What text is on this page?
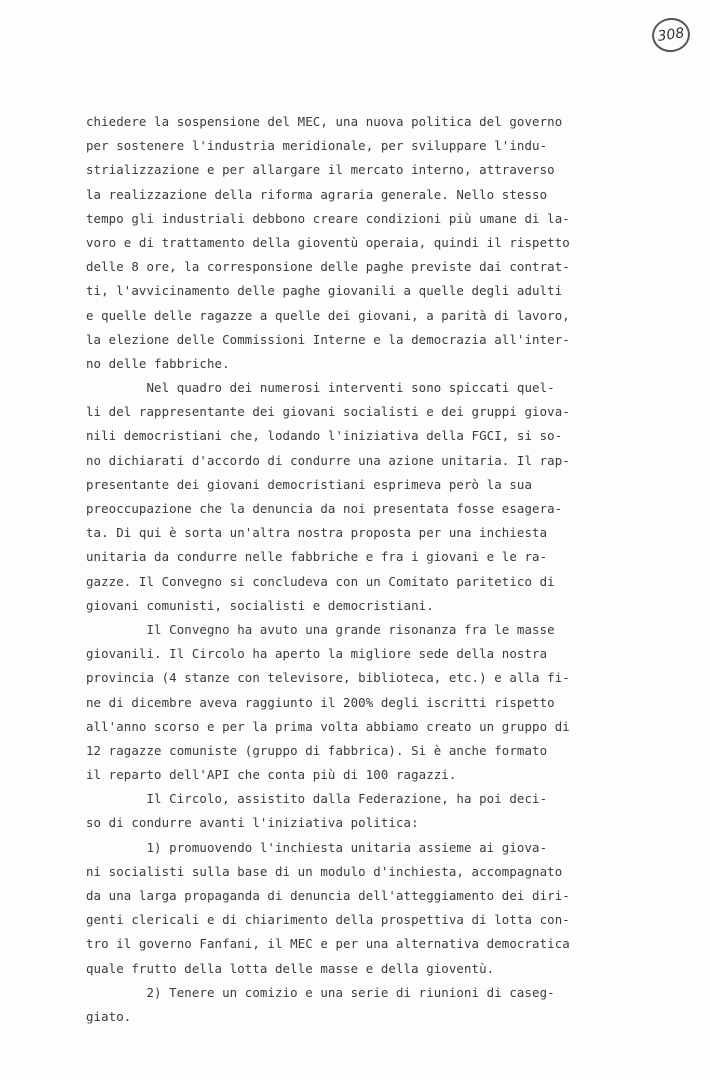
308
chiedere la sospensione del MEC, una nuova politica del governo
per sostenere l'industria meridionale, per sviluppare l'indu-
strializzazione e per allargare il mercato interno, attraverso
la realizzazione della riforma agraria generale. Nello stesso
tempo gli industriali debbono creare condizioni più umane di la-
voro e di trattamento della gioventù operaia, quindi il rispetto
delle 8 ore, la corresponsione delle paghe previste dai contrat-
ti, l'avvicinamento delle paghe giovanili a quelle degli adulti
e quelle delle ragazze a quelle dei giovani, a parità di lavoro,
la elezione delle Commissioni Interne e la democrazia all'inter-
no delle fabbriche.
Nel quadro dei numerosi interventi sono spiccati quel-
li del rappresentante dei giovani socialisti e dei gruppi giova-
nili democristiani che, lodando l'iniziativa della FGCI, si so-
no dichiarati d'accordo di condurre una azione unitaria. Il rap-
presentante dei giovani democristiani esprimeva però la sua
preoccupazione che la denuncia da noi presentata fosse esagera-
ta. Di qui è sorta un'altra nostra proposta per una inchiesta
unitaria da condurre nelle fabbriche e fra i giovani e le ra-
gazze. Il Convegno si concludeva con un Comitato paritetico di
giovani comunisti, socialisti e democristiani.
Il Convegno ha avuto una grande risonanza fra le masse
giovanili. Il Circolo ha aperto la migliore sede della nostra
provincia (4 stanze con televisore, biblioteca, etc.) e alla fi-
ne di dicembre aveva raggiunto il 200% degli iscritti rispetto
all'anno scorso e per la prima volta abbiamo creato un gruppo di
12 ragazze comuniste (gruppo di fabbrica). Si è anche formato
il reparto dell'API che conta più di 100 ragazzi.
Il Circolo, assistito dalla Federazione, ha poi deci-
so di condurre avanti l'iniziativa politica:
1) promuovendo l'inchiesta unitaria assieme ai giova-
ni socialisti sulla base di un modulo d'inchiesta, accompagnato
da una larga propaganda di denuncia dell'atteggiamento dei diri-
genti clericali e di chiarimento della prospettiva di lotta con-
tro il governo Fanfani, il MEC e per una alternativa democratica
quale frutto della lotta delle masse e della gioventù.
2) Tenere un comizio e una serie di riunioni di caseg-
giato.
